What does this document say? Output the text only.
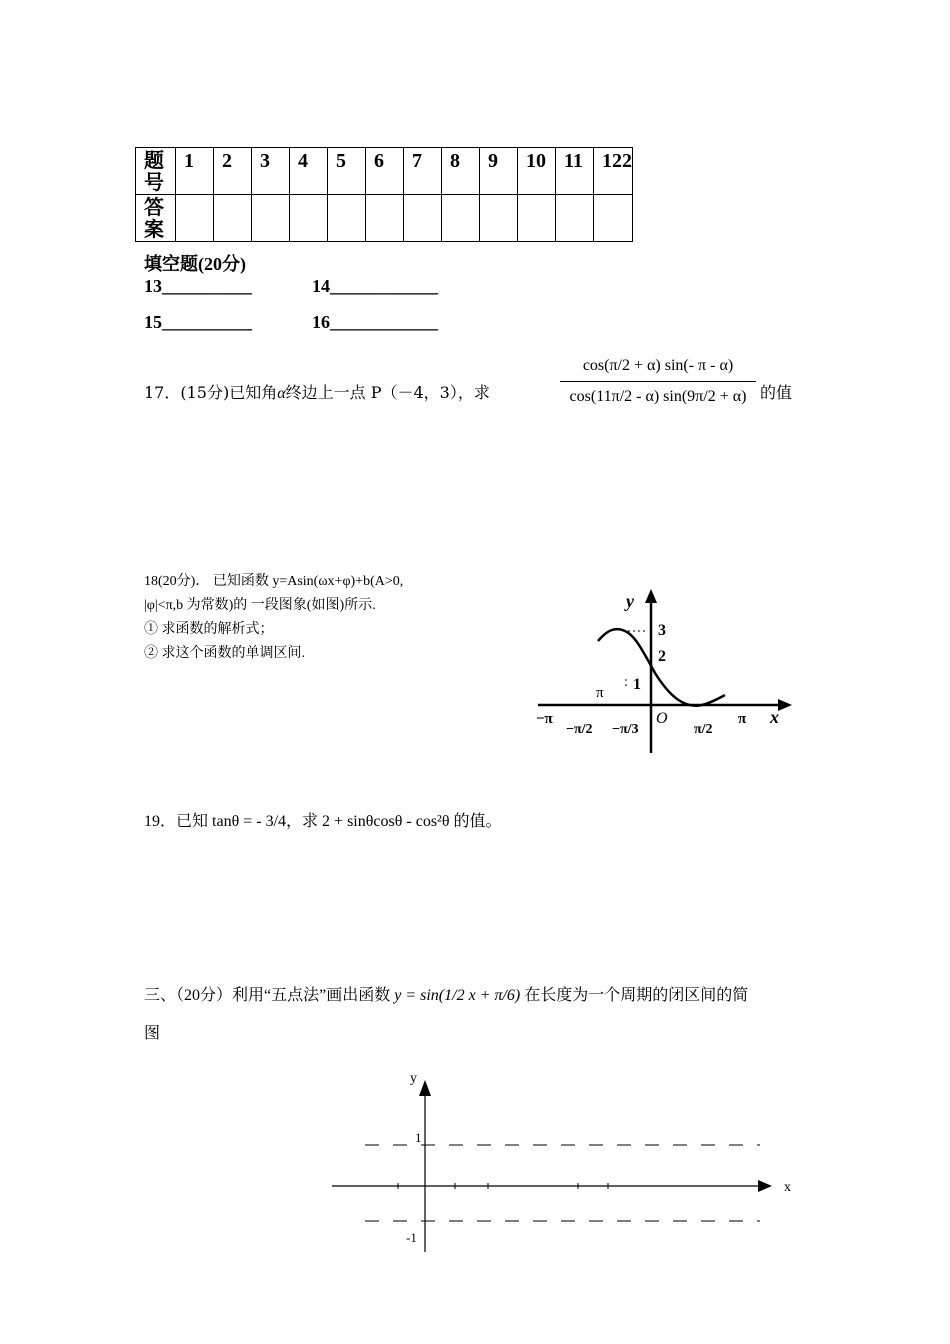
题号	1	2	3	4	5	6	7	8	9	10	11	122
答案												
填空题(20分)
13__________	14____________
15__________	16____________
17．(15分)已知角α终边上一点 P（－4，3），求	$\frac{\cos(\pi/2 + \alpha) \sin(- \pi - \alpha)}{\cos(11\pi/2 - \alpha) \sin(9\pi/2 + \alpha)}$ 的值
18(20分)． 已知函数 y=Asin(ωx+φ)+b(A>0,
|φ|<π,b 为常数)的 一段图象(如图)所示.
① 求函数的解析式；
② 求这个函数的单调区间.
y
x
O
3
2
1
π
−π
−π/2 −π/3	π/2
π
19．已知 tanθ = - 3/4，求 2 + sinθcosθ - cos²θ 的值。
三、（20分）利用“五点法”画出函数 y = sin(1/2 x + π/6) 在长度为一个周期的闭区间的简
图
y
x
1
-1
